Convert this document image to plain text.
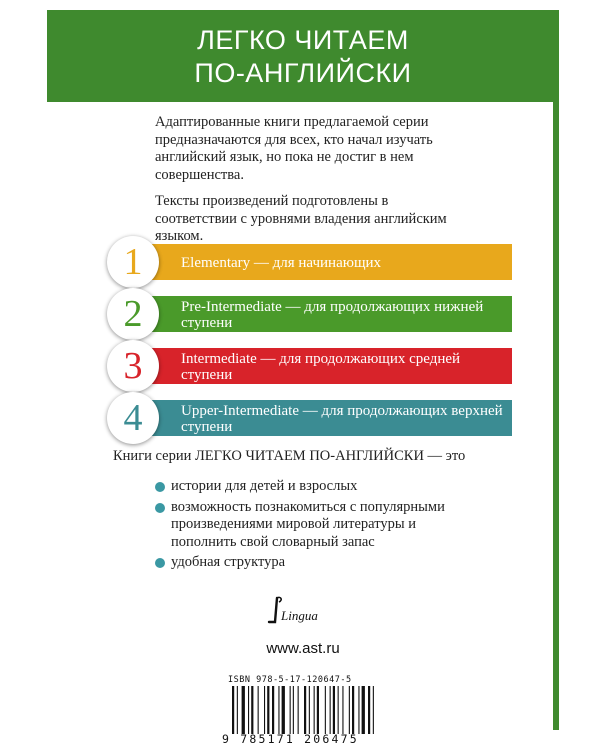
ЛЕГКО ЧИТАЕМ
ПО-АНГЛИЙСКИ

Адаптированные книги предлагаемой серии предназначаются для всех, кто начал изучать английский язык, но пока не достиг в нем совершенства.

Тексты произведений подготовлены в соответствии с уровнями владения английским языком.

Elementary — для начинающих
1
Pre-Intermediate — для продолжающих нижней ступени
2
Intermediate — для продолжающих средней ступени
3
Upper-Intermediate — для продолжающих верхней ступени
4
Книги серии ЛЕГКО ЧИТАЕМ ПО-АНГЛИЙСКИ — это
истории для детей и взрослых
возможность познакомиться с популярными произведениями мировой литературы и пополнить свой словарный запас
удобная структура
Lingua
www.ast.ru
ISBN 978-5-17-120647-5
9 785171 206475
